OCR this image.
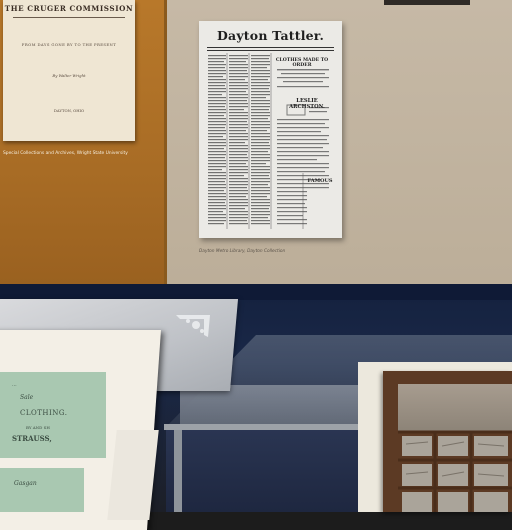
THE CRUGER COMMISSION
FROM DAYS GONE BY TO THE PRESENT
By Walter Wright
DAYTON, OHIO
Special Collections and Archives, Wright State University
Dayton Tattler.
CLOTHES MADE TO ORDER
LESLIE ARCHSTON.
FAMOUS
Dayton Metro Library, Dayton Collection
...
Sale
CLOTHING.
BY AND SH
STRAUSS,
Gasgan
